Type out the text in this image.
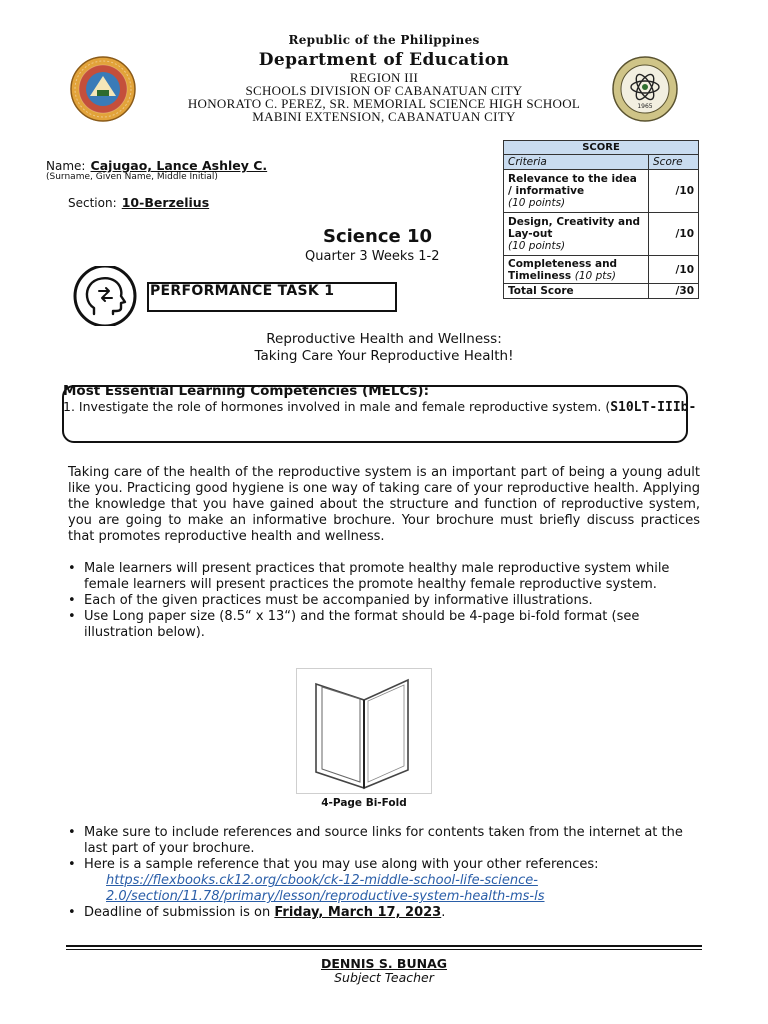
Republic of the Philippines
Department of Education
REGION III
SCHOOLS DIVISION OF CABANATUAN CITY
HONORATO C. PEREZ, SR. MEMORIAL SCIENCE HIGH SCHOOL
MABINI EXTENSION, CABANATUAN CITY
1965
Name: Cajugao, Lance Ashley C.
(Surname, Given Name, Middle Initial)
Section: 10-Berzelius
SCORE	
Criteria	Score
Relevance to the idea / informative
(10 points)	/10
Design, Creativity and Lay-out
(10 points)	/10
Completeness and Timeliness (10 pts)	/10
Total Score	/30
Science 10
Quarter 3 Weeks 1-2
PERFORMANCE TASK 1
Reproductive Health and Wellness:
Taking Care Your Reproductive Health!
Most Essential Learning Competencies (MELCs):
1. Investigate the role of hormones involved in male and female reproductive system. (S10LT-IIIb-
Taking care of the health of the reproductive system is an important part of being a young adult like you. Practicing good hygiene is one way of taking care of your reproductive health. Applying the knowledge that you have gained about the structure and function of reproductive system, you are going to make an informative brochure. Your brochure must briefly discuss practices that promotes reproductive health and wellness.
• Male learners will present practices that promote healthy male reproductive system while female learners will present practices the promote healthy female reproductive system.
• Each of the given practices must be accompanied by informative illustrations.
• Use Long paper size (8.5“ x 13“) and the format should be 4-page bi-fold format (see illustration below).
4-Page Bi-Fold
• Make sure to include references and source links for contents taken from the internet at the last part of your brochure.
• Here is a sample reference that you may use along with your other references:
https://flexbooks.ck12.org/cbook/ck-12-middle-school-life-science-
2.0/section/11.78/primary/lesson/reproductive-system-health-ms-ls
• Deadline of submission is on Friday, March 17, 2023.
DENNIS S. BUNAG
Subject Teacher
